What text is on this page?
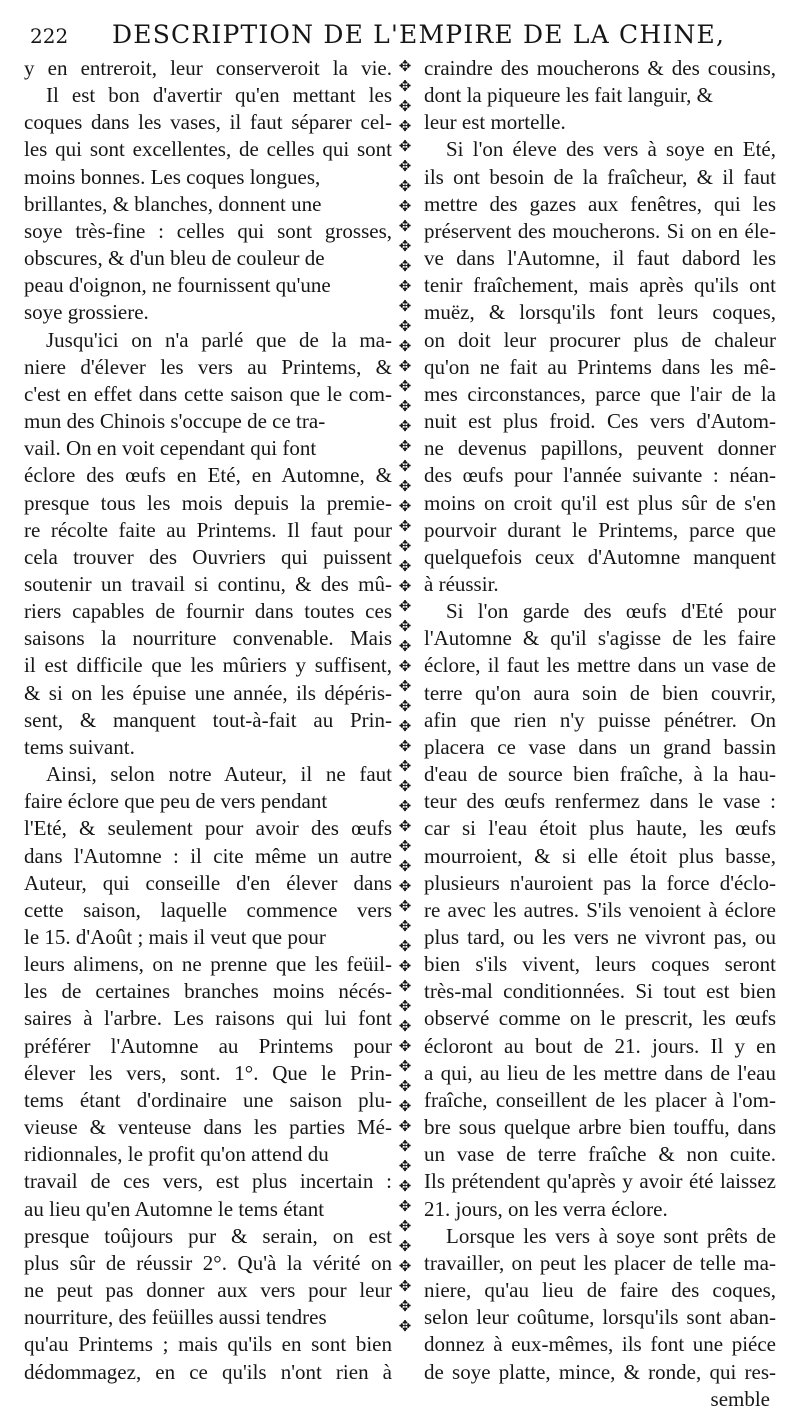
222 DESCRIPTION DE L'EMPIRE DE LA CHINE,
y en entreroit, leur conserveroit la vie.
Il est bon d'avertir qu'en mettant les
coques dans les vases, il faut séparer cel-
les qui sont excellentes, de celles qui sont
moins bonnes. Les coques longues,
brillantes, & blanches, donnent une
soye très-fine : celles qui sont grosses,
obscures, & d'un bleu de couleur de
peau d'oignon, ne fournissent qu'une
soye grossiere.
Jusqu'ici on n'a parlé que de la ma-
niere d'élever les vers au Printems, &
c'est en effet dans cette saison que le com-
mun des Chinois s'occupe de ce tra-
vail. On en voit cependant qui font
éclore des œufs en Eté, en Automne, &
presque tous les mois depuis la premie-
re récolte faite au Printems. Il faut pour
cela trouver des Ouvriers qui puissent
soutenir un travail si continu, & des mû-
riers capables de fournir dans toutes ces
saisons la nourriture convenable. Mais
il est difficile que les mûriers y suffisent,
& si on les épuise une année, ils dépéris-
sent, & manquent tout-à-fait au Prin-
tems suivant.
Ainsi, selon notre Auteur, il ne faut
faire éclore que peu de vers pendant
l'Eté, & seulement pour avoir des œufs
dans l'Automne : il cite même un autre
Auteur, qui conseille d'en élever dans
cette saison, laquelle commence vers
le 15. d'Août ; mais il veut que pour
leurs alimens, on ne prenne que les feüil-
les de certaines branches moins nécés-
saires à l'arbre. Les raisons qui lui font
préférer l'Automne au Printems pour
élever les vers, sont. 1°. Que le Prin-
tems étant d'ordinaire une saison plu-
vieuse & venteuse dans les parties Mé-
ridionnales, le profit qu'on attend du
travail de ces vers, est plus incertain :
au lieu qu'en Automne le tems étant
presque toûjours pur & serain, on est
plus sûr de réussir 2°. Qu'à la vérité on
ne peut pas donner aux vers pour leur
nourriture, des feüilles aussi tendres
qu'au Printems ; mais qu'ils en sont bien
dédommagez, en ce qu'ils n'ont rien à
✥
✥
✥
✥
✥
✥
✥
✥
✥
✥
✥
✥
✥
✥
✥
✥
✥
✥
✥
✥
✥
✥
✥
✥
✥
✥
✥
✥
✥
✥
✥
✥
✥
✥
✥
✥
✥
✥
✥
✥
✥
✥
✥
✥
✥
✥
✥
✥
✥
✥
✥
✥
✥
✥
✥
✥
✥
✥
✥
✥
✥
✥
✥
✥
craindre des moucherons & des cousins,
dont la piqueure les fait languir, &
leur est mortelle.
Si l'on éleve des vers à soye en Eté,
ils ont besoin de la fraîcheur, & il faut
mettre des gazes aux fenêtres, qui les
préservent des moucherons. Si on en éle-
ve dans l'Automne, il faut dabord les
tenir fraîchement, mais après qu'ils ont
muëz, & lorsqu'ils font leurs coques,
on doit leur procurer plus de chaleur
qu'on ne fait au Printems dans les mê-
mes circonstances, parce que l'air de la
nuit est plus froid. Ces vers d'Autom-
ne devenus papillons, peuvent donner
des œufs pour l'année suivante : néan-
moins on croit qu'il est plus sûr de s'en
pourvoir durant le Printems, parce que
quelquefois ceux d'Automne manquent
à réussir.
Si l'on garde des œufs d'Eté pour
l'Automne & qu'il s'agisse de les faire
éclore, il faut les mettre dans un vase de
terre qu'on aura soin de bien couvrir,
afin que rien n'y puisse pénétrer. On
placera ce vase dans un grand bassin
d'eau de source bien fraîche, à la hau-
teur des œufs renfermez dans le vase :
car si l'eau étoit plus haute, les œufs
mourroient, & si elle étoit plus basse,
plusieurs n'auroient pas la force d'éclo-
re avec les autres. S'ils venoient à éclore
plus tard, ou les vers ne vivront pas, ou
bien s'ils vivent, leurs coques seront
très-mal conditionnées. Si tout est bien
observé comme on le prescrit, les œufs
écloront au bout de 21. jours. Il y en
a qui, au lieu de les mettre dans de l'eau
fraîche, conseillent de les placer à l'om-
bre sous quelque arbre bien touffu, dans
un vase de terre fraîche & non cuite.
Ils prétendent qu'après y avoir été laissez
21. jours, on les verra éclore.
Lorsque les vers à soye sont prêts de
travailler, on peut les placer de telle ma-
niere, qu'au lieu de faire des coques,
selon leur coûtume, lorsqu'ils sont aban-
donnez à eux-mêmes, ils font une piéce
de soye platte, mince, & ronde, qui res-
semble
